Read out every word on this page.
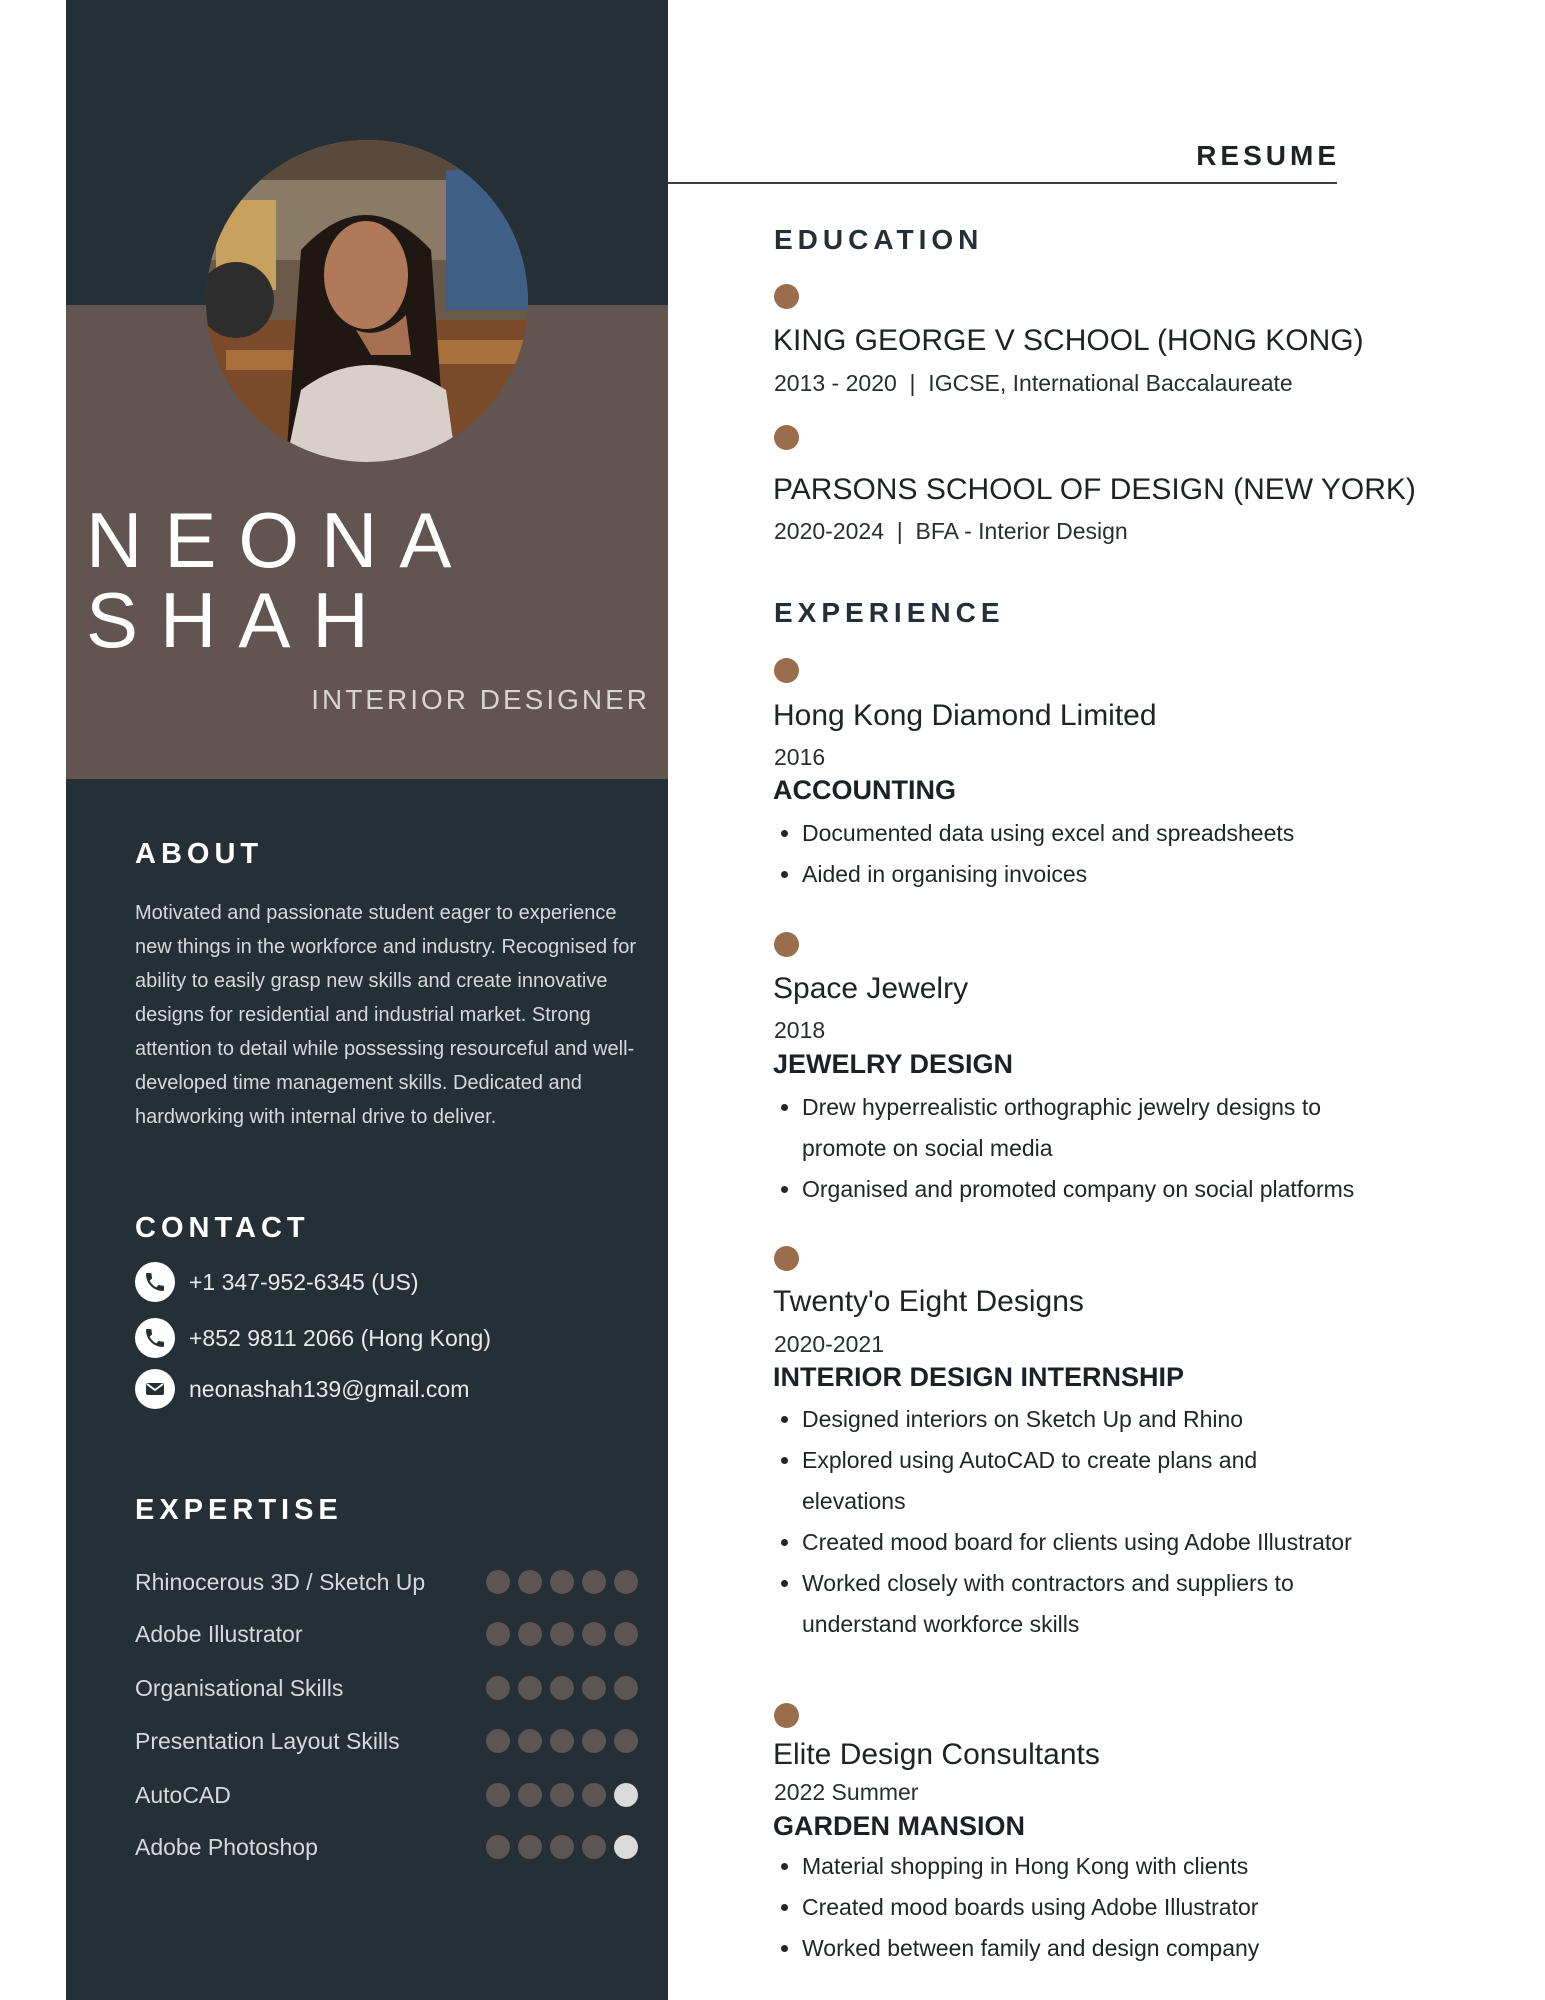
NEONA
SHAH
INTERIOR DESIGNER
ABOUT
Motivated and passionate student eager to experience new things in the workforce and industry. Recognised for ability to easily grasp new skills and create innovative designs for residential and industrial market. Strong attention to detail while possessing resourceful and well-developed time management skills. Dedicated and hardworking with internal drive to deliver.
CONTACT
+1 347-952-6345 (US)
+852 9811 2066 (Hong Kong)
neonashah139@gmail.com
EXPERTISE
Rhinocerous 3D / Sketch Up
Adobe Illustrator
Organisational Skills
Presentation Layout Skills
AutoCAD
Adobe Photoshop
RESUME
EDUCATION
KING GEORGE V SCHOOL (HONG KONG)
2013 - 2020  |  IGCSE, International Baccalaureate
PARSONS SCHOOL OF DESIGN (NEW YORK)
2020-2024  |  BFA - Interior Design
EXPERIENCE
Hong Kong Diamond Limited
2016
ACCOUNTING
• Documented data using excel and spreadsheets
• Aided in organising invoices
Space Jewelry
2018
JEWELRY DESIGN
• Drew hyperrealistic orthographic jewelry designs to promote on social media
• Organised and promoted company on social platforms
Twenty'o Eight Designs
2020-2021
INTERIOR DESIGN INTERNSHIP
• Designed interiors on Sketch Up and Rhino
• Explored using AutoCAD to create plans and elevations
• Created mood board for clients using Adobe Illustrator
• Worked closely with contractors and suppliers to understand workforce skills
Elite Design Consultants
2022 Summer
GARDEN MANSION
• Material shopping in Hong Kong with clients
• Created mood boards using Adobe Illustrator
• Worked between family and design company
